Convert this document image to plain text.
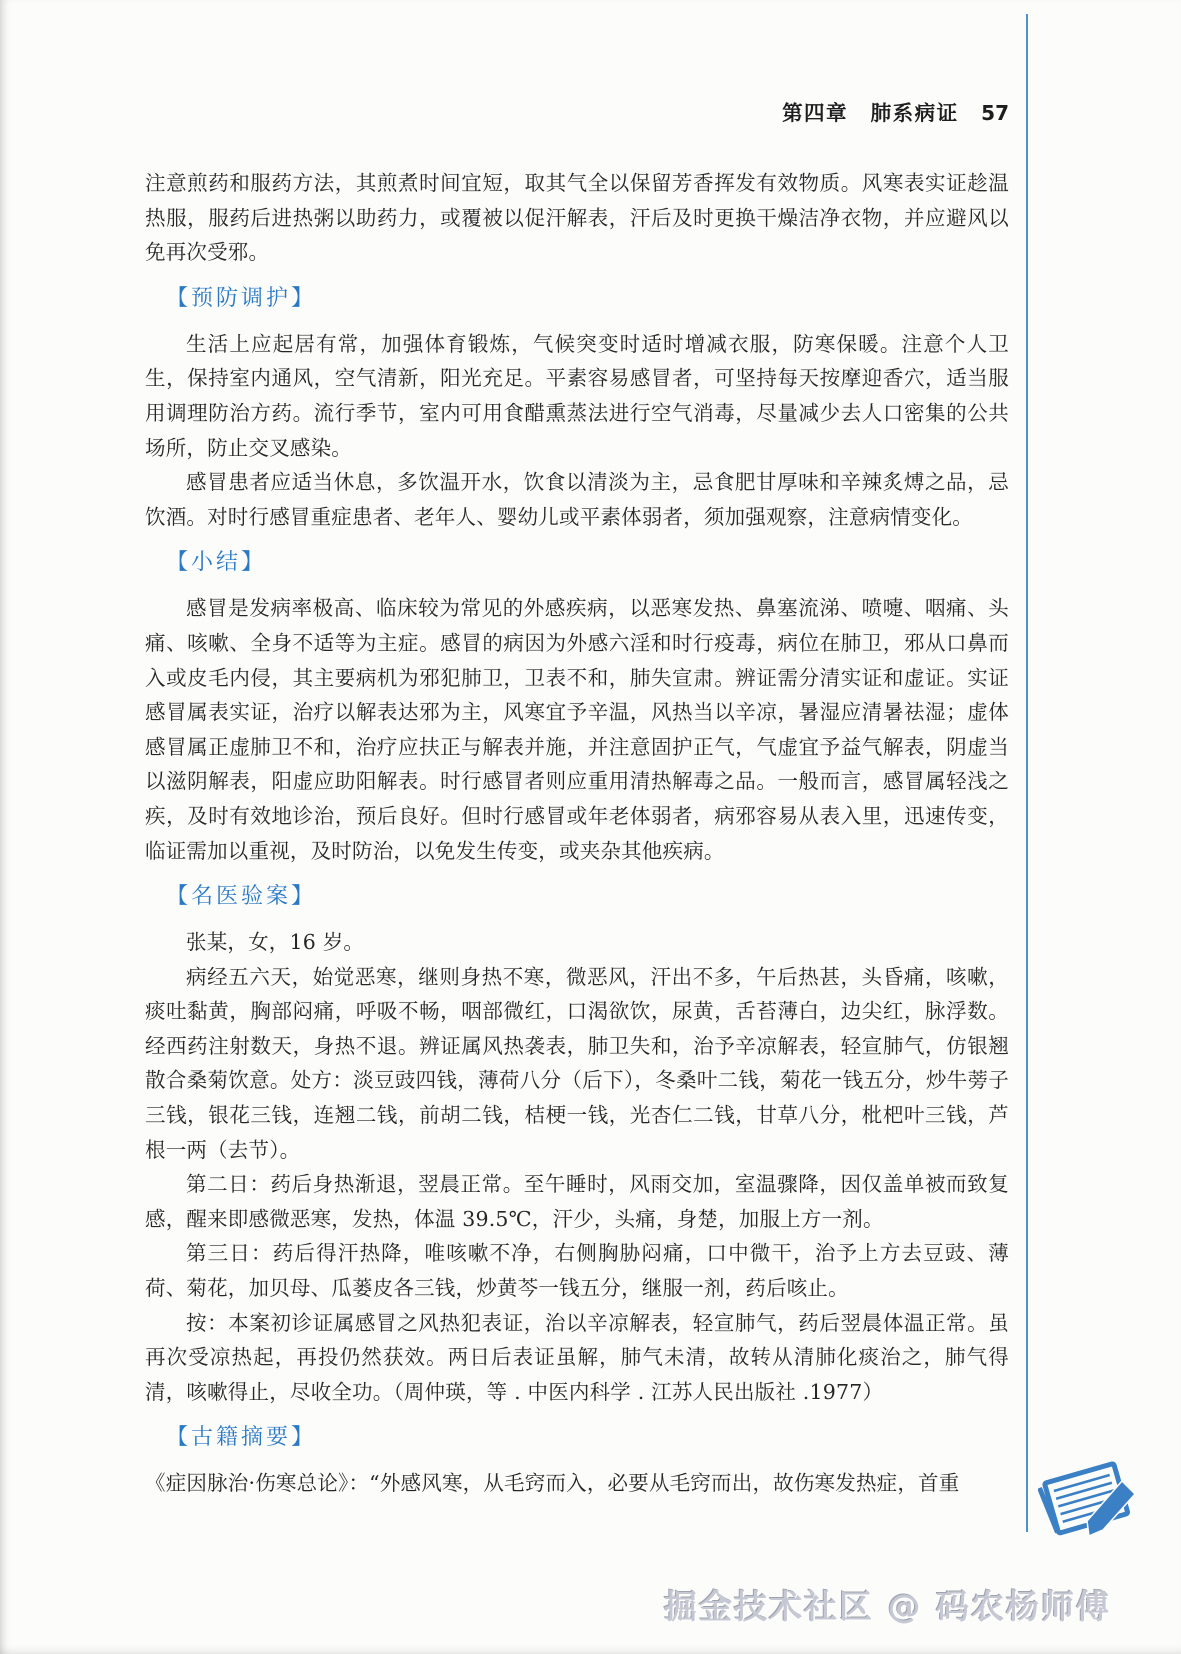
第四章 肺系病证 57

注意煎药和服药方法，其煎煮时间宜短，取其气全以保留芳香挥发有效物质。风寒表实证趁温热服，服药后进热粥以助药力，或覆被以促汗解表，汗后及时更换干燥洁净衣物，并应避风以免再次受邪。

【预防调护】

生活上应起居有常，加强体育锻炼，气候突变时适时增减衣服，防寒保暖。注意个人卫生，保持室内通风，空气清新，阳光充足。平素容易感冒者，可坚持每天按摩迎香穴，适当服用调理防治方药。流行季节，室内可用食醋熏蒸法进行空气消毒，尽量减少去人口密集的公共场所，防止交叉感染。

感冒患者应适当休息，多饮温开水，饮食以清淡为主，忌食肥甘厚味和辛辣炙煿之品，忌饮酒。对时行感冒重症患者、老年人、婴幼儿或平素体弱者，须加强观察，注意病情变化。

【小结】

感冒是发病率极高、临床较为常见的外感疾病，以恶寒发热、鼻塞流涕、喷嚏、咽痛、头痛、咳嗽、全身不适等为主症。感冒的病因为外感六淫和时行疫毒，病位在肺卫，邪从口鼻而入或皮毛内侵，其主要病机为邪犯肺卫，卫表不和，肺失宣肃。辨证需分清实证和虚证。实证感冒属表实证，治疗以解表达邪为主，风寒宜予辛温，风热当以辛凉，暑湿应清暑祛湿；虚体感冒属正虚肺卫不和，治疗应扶正与解表并施，并注意固护正气，气虚宜予益气解表，阴虚当以滋阴解表，阳虚应助阳解表。时行感冒者则应重用清热解毒之品。一般而言，感冒属轻浅之疾，及时有效地诊治，预后良好。但时行感冒或年老体弱者，病邪容易从表入里，迅速传变，临证需加以重视，及时防治，以免发生传变，或夹杂其他疾病。

【名医验案】

张某，女，16 岁。

病经五六天，始觉恶寒，继则身热不寒，微恶风，汗出不多，午后热甚，头昏痛，咳嗽，痰吐黏黄，胸部闷痛，呼吸不畅，咽部微红，口渴欲饮，尿黄，舌苔薄白，边尖红，脉浮数。经西药注射数天，身热不退。辨证属风热袭表，肺卫失和，治予辛凉解表，轻宣肺气，仿银翘散合桑菊饮意。处方：淡豆豉四钱，薄荷八分（后下），冬桑叶二钱，菊花一钱五分，炒牛蒡子三钱，银花三钱，连翘二钱，前胡二钱，桔梗一钱，光杏仁二钱，甘草八分，枇杷叶三钱，芦根一两（去节）。

第二日：药后身热渐退，翌晨正常。至午睡时，风雨交加，室温骤降，因仅盖单被而致复感，醒来即感微恶寒，发热，体温 39.5℃，汗少，头痛，身楚，加服上方一剂。

第三日：药后得汗热降，唯咳嗽不净，右侧胸胁闷痛，口中微干，治予上方去豆豉、薄荷、菊花，加贝母、瓜蒌皮各三钱，炒黄芩一钱五分，继服一剂，药后咳止。

按：本案初诊证属感冒之风热犯表证，治以辛凉解表，轻宣肺气，药后翌晨体温正常。虽再次受凉热起，再投仍然获效。两日后表证虽解，肺气未清，故转从清肺化痰治之，肺气得清，咳嗽得止，尽收全功。（周仲瑛，等 . 中医内科学 . 江苏人民出版社 .1977）

【古籍摘要】

《症因脉治·伤寒总论》：“外感风寒，从毛窍而入，必要从毛窍而出，故伤寒发热症，首重

掘金技术社区 @ 码农杨师傅
